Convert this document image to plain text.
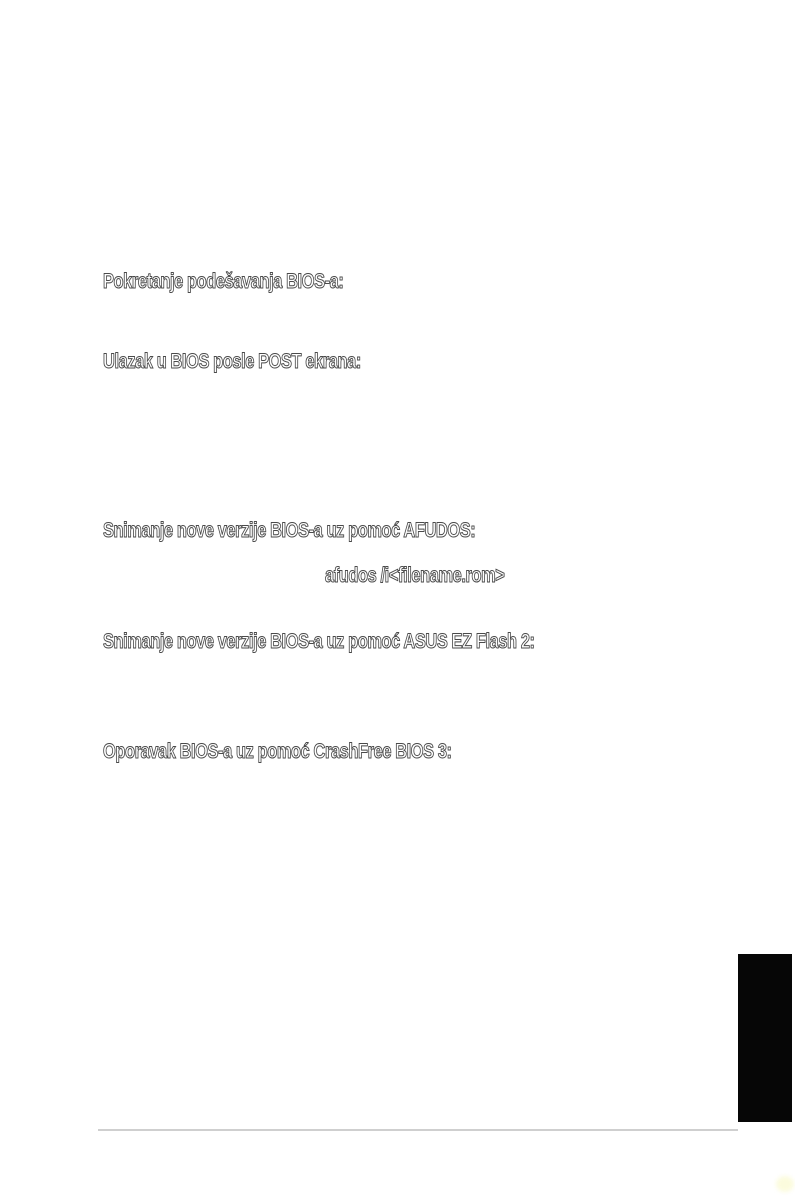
Pokretanje podešavanja BIOS-a:
Ulazak u BIOS posle POST ekrana:
Snimanje nove verzije BIOS-a uz pomoć AFUDOS:
afudos /i<filename.rom>
Snimanje nove verzije BIOS-a uz pomoć ASUS EZ Flash 2:
Oporavak BIOS-a uz pomoć CrashFree BIOS 3:
